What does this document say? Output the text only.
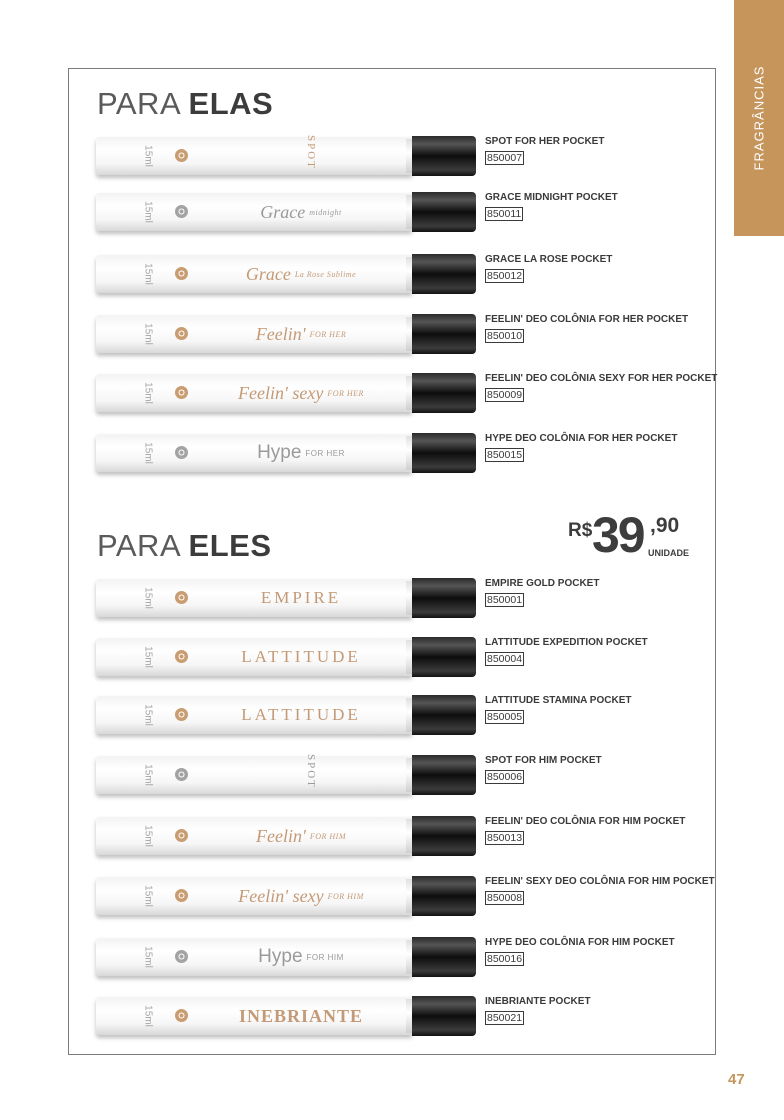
FRAGRÂNCIAS
PARA ELAS
PARA ELES	R$ 39 ,90
UNIDADE
15ml	SPOT	SPOT FOR HER POCKET
850007
15ml	Grace midnight
GRACE MIDNIGHT POCKET
850011
15ml	Grace La Rose Sublime
GRACE LA ROSE POCKET
850012
15ml	Feelin' FOR HER
FEELIN' DEO COLÔNIA FOR HER POCKET
850010
15ml	Feelin' sexy FOR HER
FEELIN' DEO COLÔNIA SEXY FOR HER POCKET
850009
15ml	Hype FOR HER
HYPE DEO COLÔNIA FOR HER POCKET
850015
15ml	EMPIRE
EMPIRE GOLD POCKET
850001
15ml	LATTITUDE
LATTITUDE EXPEDITION POCKET
850004
15ml	LATTITUDE
LATTITUDE STAMINA POCKET
850005
15ml	SPOT	SPOT FOR HIM POCKET
850006
15ml	Feelin' FOR HIM
FEELIN' DEO COLÔNIA FOR HIM POCKET
850013
15ml	Feelin' sexy FOR HIM
FEELIN' SEXY DEO COLÔNIA FOR HIM POCKET
850008
15ml	Hype FOR HIM
HYPE DEO COLÔNIA FOR HIM POCKET
850016
15ml	INEBRIANTE
INEBRIANTE POCKET
850021
47
